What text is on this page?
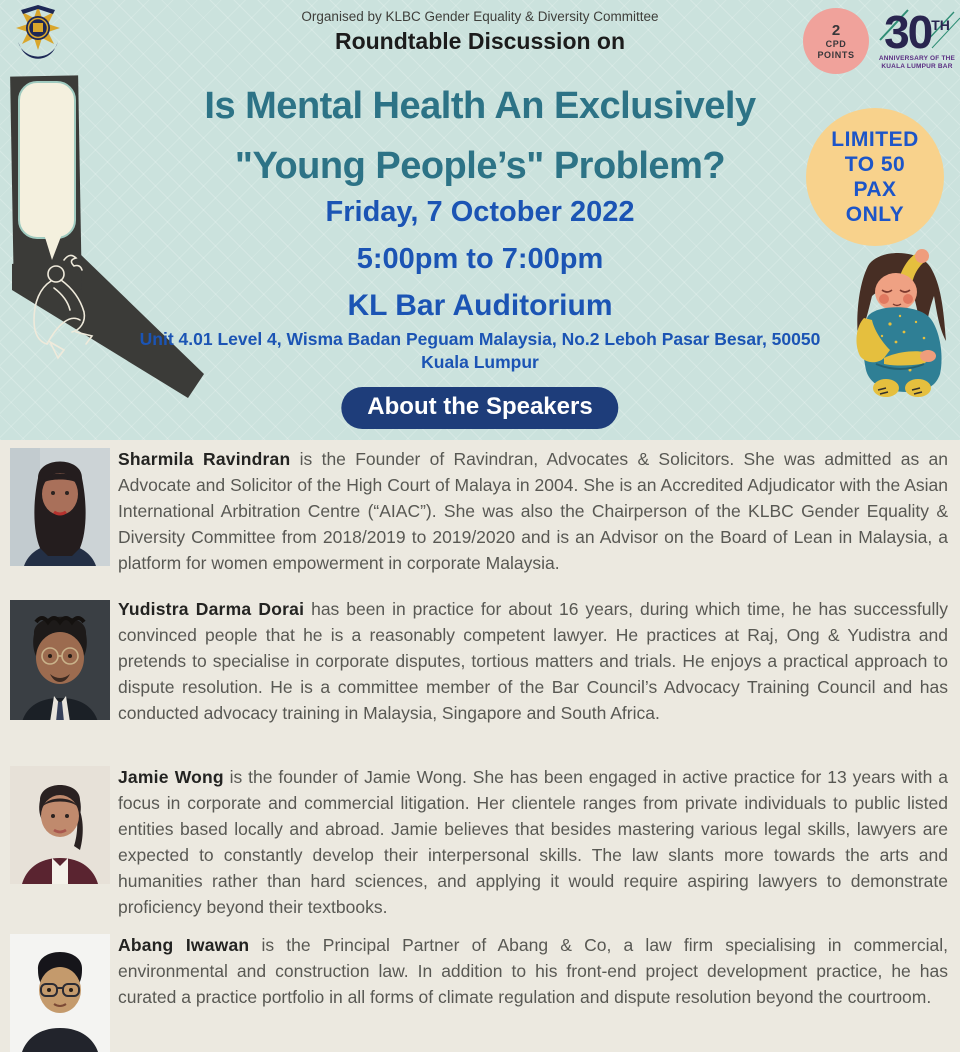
Organised by KLBC Gender Equality & Diversity Committee
Roundtable Discussion on
Is Mental Health An Exclusively
"Young People’s" Problem?
Friday, 7 October 2022
5:00pm to 7:00pm
KL Bar Auditorium
Unit 4.01 Level 4, Wisma Badan Peguam Malaysia, No.2 Leboh Pasar Besar, 50050 Kuala Lumpur
About the Speakers
2
CPD
POINTS 30TH
ANNIVERSARY OF THE
KUALA LUMPUR BAR
LIMITED
TO 50
PAX
ONLY

Sharmila Ravindran is the Founder of Ravindran, Advocates & Solicitors. She was admitted as an Advocate and Solicitor of the High Court of Malaya in 2004. She is an Accredited Adjudicator with the Asian International Arbitration Centre (“AIAC”). She was also the Chairperson of the KLBC Gender Equality & Diversity Committee from 2018/2019 to 2019/2020 and is an Advisor on the Board of Lean in Malaysia, a platform for women empowerment in corporate Malaysia.

Yudistra Darma Dorai has been in practice for about 16 years, during which time, he has successfully convinced people that he is a reasonably competent lawyer. He practices at Raj, Ong & Yudistra and pretends to specialise in corporate disputes, tortious matters and trials. He enjoys a practical approach to dispute resolution. He is a committee member of the Bar Council’s Advocacy Training Council and has conducted advocacy training in Malaysia, Singapore and South Africa.

Jamie Wong is the founder of Jamie Wong. She has been engaged in active practice for 13 years with a focus in corporate and commercial litigation. Her clientele ranges from private individuals to public listed entities based locally and abroad. Jamie believes that besides mastering various legal skills, lawyers are expected to constantly develop their interpersonal skills. The law slants more towards the arts and humanities rather than hard sciences, and applying it would require aspiring lawyers to demonstrate proficiency beyond their textbooks.

Abang Iwawan is the Principal Partner of Abang & Co, a law firm specialising in commercial, environmental and construction law. In addition to his front-end project development practice, he has curated a practice portfolio in all forms of climate regulation and dispute resolution beyond the courtroom.
